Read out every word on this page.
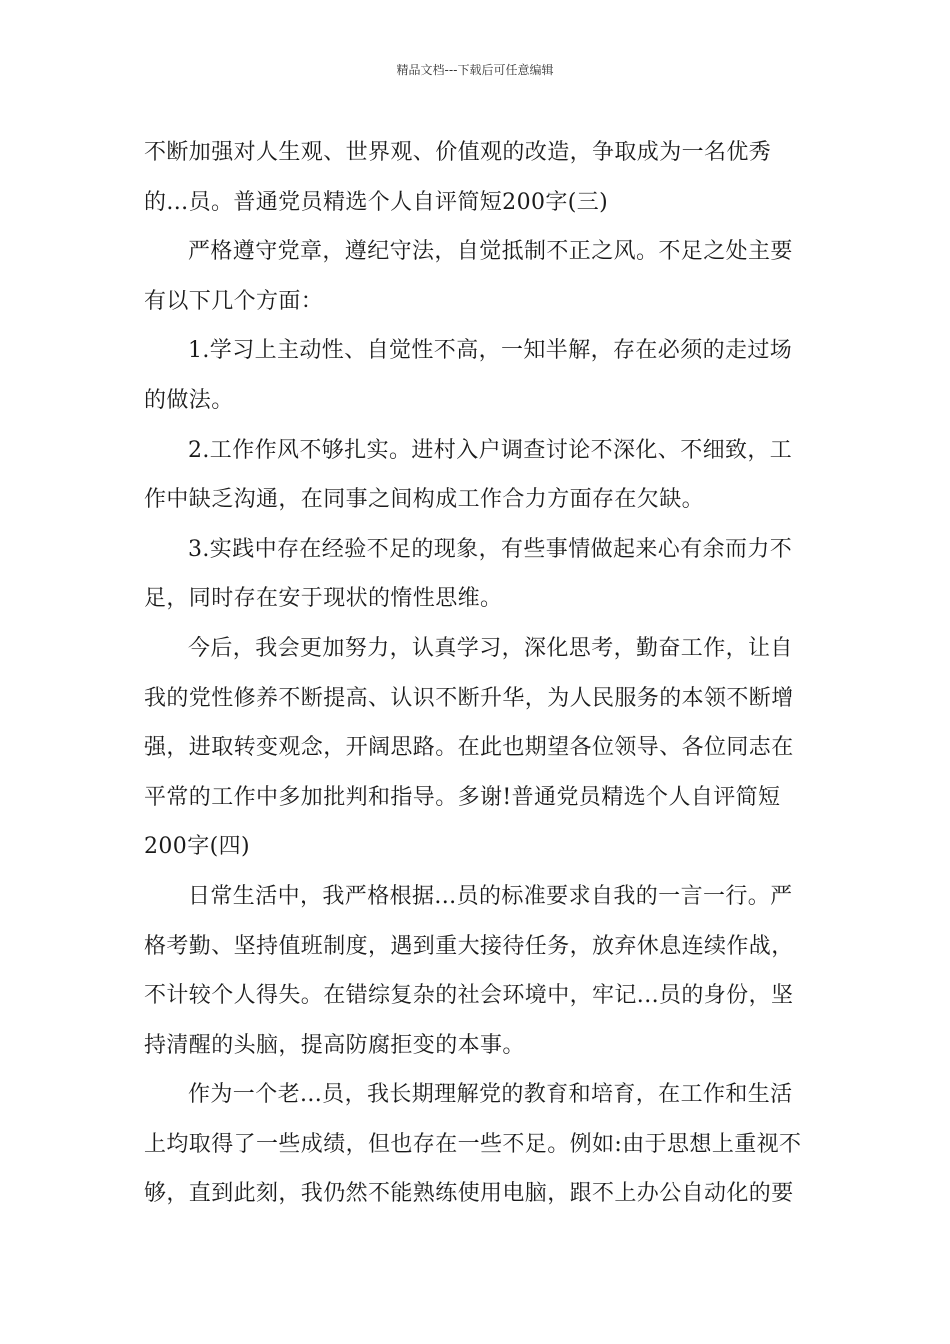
精品文档---下载后可任意编辑
不断加强对人生观、世界观、价值观的改造，争取成为一名优秀
的...员。普通党员精选个人自评简短200字(三)
严格遵守党章，遵纪守法，自觉抵制不正之风。不足之处主要
有以下几个方面：
1.学习上主动性、自觉性不高，一知半解，存在必须的走过场
的做法。
2.工作作风不够扎实。进村入户调查讨论不深化、不细致，工
作中缺乏沟通，在同事之间构成工作合力方面存在欠缺。
3.实践中存在经验不足的现象，有些事情做起来心有余而力不
足，同时存在安于现状的惰性思维。
今后，我会更加努力，认真学习，深化思考，勤奋工作，让自
我的党性修养不断提高、认识不断升华，为人民服务的本领不断增
强，进取转变观念，开阔思路。在此也期望各位领导、各位同志在
平常的工作中多加批判和指导。多谢!普通党员精选个人自评简短
200字(四)
日常生活中，我严格根据...员的标准要求自我的一言一行。严
格考勤、坚持值班制度，遇到重大接待任务，放弃休息连续作战，
不计较个人得失。在错综复杂的社会环境中，牢记...员的身份，坚
持清醒的头脑，提高防腐拒变的本事。
作为一个老...员，我长期理解党的教育和培育，在工作和生活
上均取得了一些成绩，但也存在一些不足。例如:由于思想上重视不
够，直到此刻，我仍然不能熟练使用电脑，跟不上办公自动化的要
